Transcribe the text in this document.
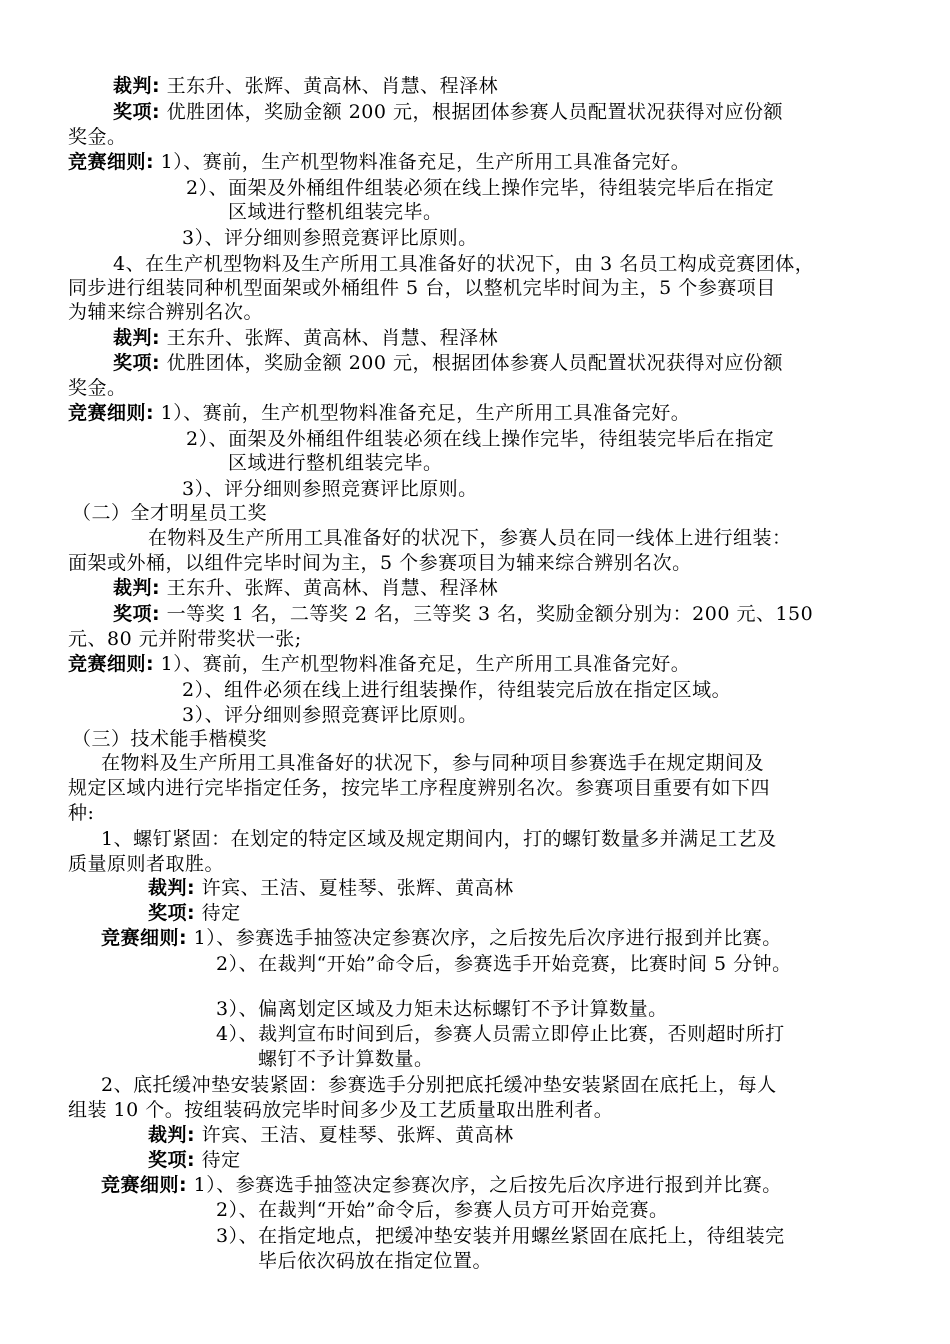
裁判: 王东升、张辉、黄高林、肖慧、程泽林
奖项: 优胜团体，奖励金额 200 元，根据团体参赛人员配置状况获得对应份额
奖金。
竞赛细则: 1）、赛前，生产机型物料准备充足，生产所用工具准备完好。
2）、面架及外桶组件组装必须在线上操作完毕，待组装完毕后在指定
区域进行整机组装完毕。
3）、评分细则参照竞赛评比原则。
4、在生产机型物料及生产所用工具准备好的状况下，由 3 名员工构成竞赛团体，
同步进行组装同种机型面架或外桶组件 5 台，以整机完毕时间为主，5 个参赛项目
为辅来综合辨别名次。
裁判: 王东升、张辉、黄高林、肖慧、程泽林
奖项: 优胜团体，奖励金额 200 元，根据团体参赛人员配置状况获得对应份额
奖金。
竞赛细则: 1）、赛前，生产机型物料准备充足，生产所用工具准备完好。
2）、面架及外桶组件组装必须在线上操作完毕，待组装完毕后在指定
区域进行整机组装完毕。
3）、评分细则参照竞赛评比原则。
（二）全才明星员工奖
在物料及生产所用工具准备好的状况下，参赛人员在同一线体上进行组装：
面架或外桶，以组件完毕时间为主，5 个参赛项目为辅来综合辨别名次。
裁判: 王东升、张辉、黄高林、肖慧、程泽林
奖项: 一等奖 1 名，二等奖 2 名，三等奖 3 名，奖励金额分别为：200 元、150
元、80 元并附带奖状一张;
竞赛细则: 1）、赛前，生产机型物料准备充足，生产所用工具准备完好。
2）、组件必须在线上进行组装操作，待组装完后放在指定区域。
3）、评分细则参照竞赛评比原则。
（三）技术能手楷模奖
在物料及生产所用工具准备好的状况下，参与同种项目参赛选手在规定期间及
规定区域内进行完毕指定任务，按完毕工序程度辨别名次。参赛项目重要有如下四
种:
1、螺钉紧固：在划定的特定区域及规定期间内，打的螺钉数量多并满足工艺及
质量原则者取胜。
裁判: 许宾、王洁、夏桂琴、张辉、黄高林
奖项: 待定
竞赛细则: 1）、参赛选手抽签决定参赛次序，之后按先后次序进行报到并比赛。
2）、在裁判“开始”命令后，参赛选手开始竞赛，比赛时间 5 分钟。
3）、偏离划定区域及力矩未达标螺钉不予计算数量。
4）、裁判宣布时间到后，参赛人员需立即停止比赛，否则超时所打
螺钉不予计算数量。
2、底托缓冲垫安装紧固：参赛选手分别把底托缓冲垫安装紧固在底托上，每人
组装 10 个。按组装码放完毕时间多少及工艺质量取出胜利者。
裁判: 许宾、王洁、夏桂琴、张辉、黄高林
奖项: 待定
竞赛细则: 1）、参赛选手抽签决定参赛次序，之后按先后次序进行报到并比赛。
2）、在裁判“开始”命令后，参赛人员方可开始竞赛。
3）、在指定地点，把缓冲垫安装并用螺丝紧固在底托上，待组装完
毕后依次码放在指定位置。
